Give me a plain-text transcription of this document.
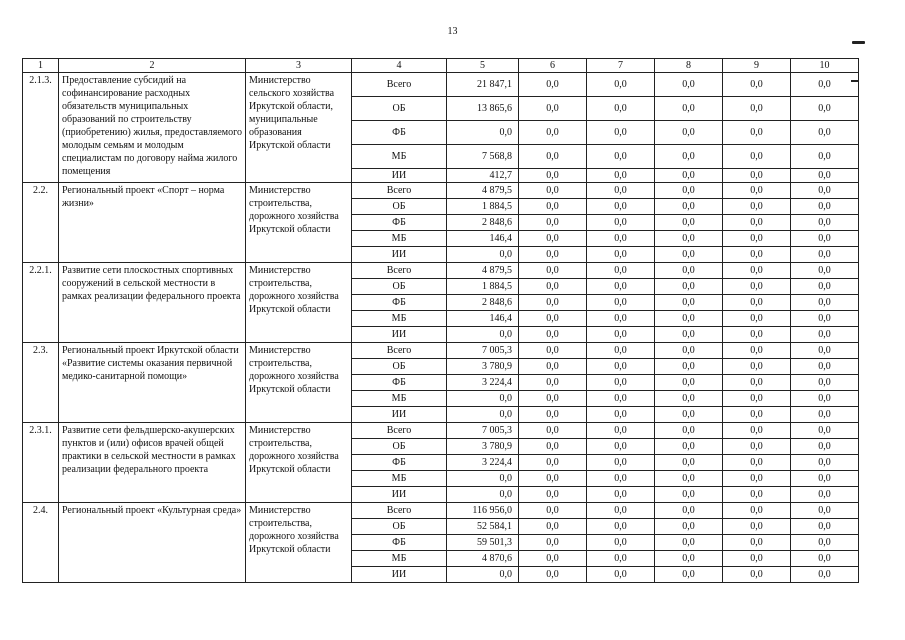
13
1	2	3	4	5	6	7	8	9	10
2.1.3.	Предоставление субсидий на софинансирование расходных обязательств муниципальных образований по строительству (приобретению) жилья, предоставляемого молодым семьям и молодым специалистам по договору найма жилого помещения	Министерство сельского хозяйства Иркутской области, муниципальные образования Иркутской области	Всего	21 847,1	0,0	0,0	0,0	0,0	0,0
			ОБ	13 865,6	0,0	0,0	0,0	0,0	0,0
			ФБ	0,0	0,0	0,0	0,0	0,0	0,0
			МБ	7 568,8	0,0	0,0	0,0	0,0	0,0
			ИИ	412,7	0,0	0,0	0,0	0,0	0,0
2.2.	Региональный проект «Спорт – норма жизни»	Министерство строительства, дорожного хозяйства Иркутской области	Всего	4 879,5	0,0	0,0	0,0	0,0	0,0
			ОБ	1 884,5	0,0	0,0	0,0	0,0	0,0
			ФБ	2 848,6	0,0	0,0	0,0	0,0	0,0
			МБ	146,4	0,0	0,0	0,0	0,0	0,0
			ИИ	0,0	0,0	0,0	0,0	0,0	0,0
2.2.1.	Развитие сети плоскостных спортивных сооружений в сельской местности в рамках реализации федерального проекта	Министерство строительства, дорожного хозяйства Иркутской области	Всего	4 879,5	0,0	0,0	0,0	0,0	0,0
			ОБ	1 884,5	0,0	0,0	0,0	0,0	0,0
			ФБ	2 848,6	0,0	0,0	0,0	0,0	0,0
			МБ	146,4	0,0	0,0	0,0	0,0	0,0
			ИИ	0,0	0,0	0,0	0,0	0,0	0,0
2.3.	Региональный проект Иркутской области «Развитие системы оказания первичной медико-санитарной помощи»	Министерство строительства, дорожного хозяйства Иркутской области	Всего	7 005,3	0,0	0,0	0,0	0,0	0,0
			ОБ	3 780,9	0,0	0,0	0,0	0,0	0,0
			ФБ	3 224,4	0,0	0,0	0,0	0,0	0,0
			МБ	0,0	0,0	0,0	0,0	0,0	0,0
			ИИ	0,0	0,0	0,0	0,0	0,0	0,0
2.3.1.	Развитие сети фельдшерско-акушерских пунктов и (или) офисов врачей общей практики в сельской местности в рамках реализации федерального проекта	Министерство строительства, дорожного хозяйства Иркутской области	Всего	7 005,3	0,0	0,0	0,0	0,0	0,0
			ОБ	3 780,9	0,0	0,0	0,0	0,0	0,0
			ФБ	3 224,4	0,0	0,0	0,0	0,0	0,0
			МБ	0,0	0,0	0,0	0,0	0,0	0,0
			ИИ	0,0	0,0	0,0	0,0	0,0	0,0
2.4.	Региональный проект «Культурная среда»	Министерство строительства, дорожного хозяйства Иркутской области	Всего	116 956,0	0,0	0,0	0,0	0,0	0,0
			ОБ	52 584,1	0,0	0,0	0,0	0,0	0,0
			ФБ	59 501,3	0,0	0,0	0,0	0,0	0,0
			МБ	4 870,6	0,0	0,0	0,0	0,0	0,0
			ИИ	0,0	0,0	0,0	0,0	0,0	0,0
